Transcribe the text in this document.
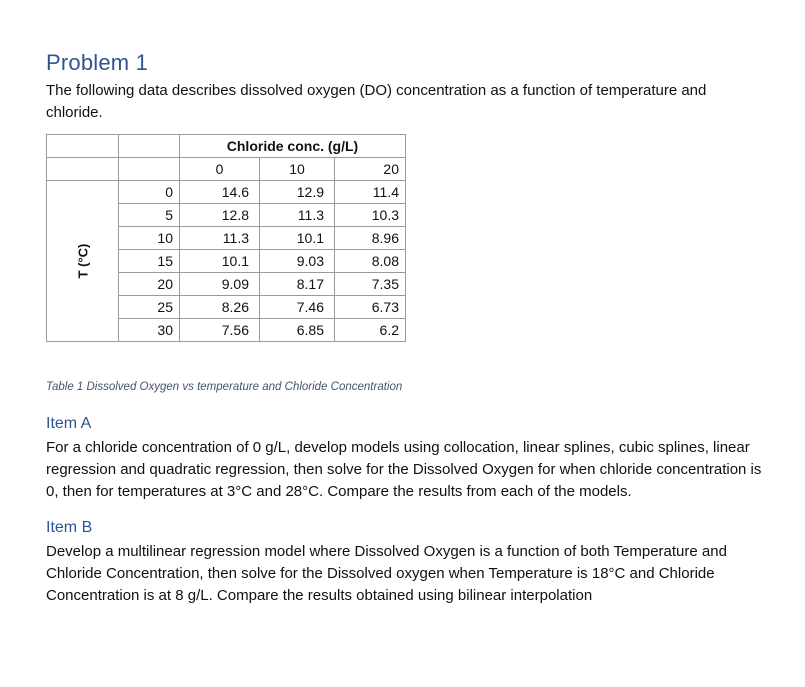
Problem 1
The following data describes dissolved oxygen (DO) concentration as a function of temperature and chloride.
		Chloride conc. (g/L)		
		0	10	20

T (°C)	0	14.6	12.9	11.4
	5	12.8	11.3	10.3
	10	11.3	10.1	8.96
	15	10.1	9.03	8.08
	20	9.09	8.17	7.35
	25	8.26	7.46	6.73
	30	7.56	6.85	6.2
Table 1 Dissolved Oxygen vs temperature and Chloride Concentration
Item A
For a chloride concentration of 0 g/L, develop models using collocation, linear splines, cubic splines, linear regression and quadratic regression, then solve for the Dissolved Oxygen for when chloride concentration is 0, then for temperatures at 3°C and 28°C. Compare the results from each of the models.
Item B
Develop a multilinear regression model where Dissolved Oxygen is a function of both Temperature and Chloride Concentration, then solve for the Dissolved oxygen when Temperature is 18°C and Chloride Concentration is at 8 g/L. Compare the results obtained using bilinear interpolation
